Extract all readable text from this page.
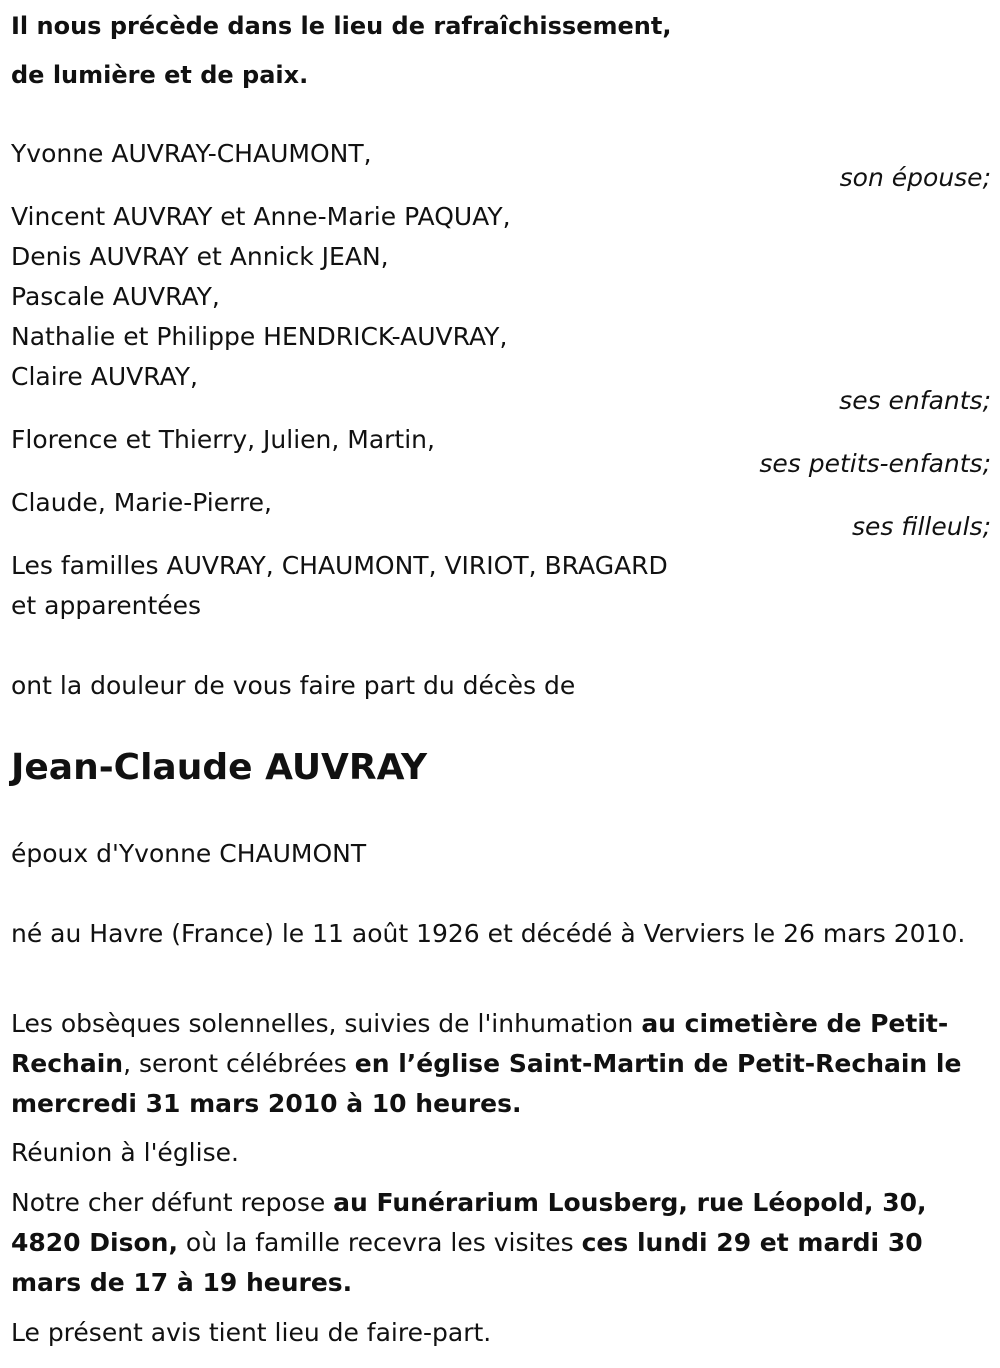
Il nous précède dans le lieu de rafraîchissement,
de lumière et de paix.
Yvonne AUVRAY-CHAUMONT,
son épouse;
Vincent AUVRAY et Anne-Marie PAQUAY,
Denis AUVRAY et Annick JEAN,
Pascale AUVRAY,
Nathalie et Philippe HENDRICK-AUVRAY,
Claire AUVRAY,
ses enfants;
Florence et Thierry, Julien, Martin,
ses petits-enfants;
Claude, Marie-Pierre,
ses filleuls;
Les familles AUVRAY, CHAUMONT, VIRIOT, BRAGARD
et apparentées
ont la douleur de vous faire part du décès de
Jean-Claude AUVRAY
époux d'Yvonne CHAUMONT
né au Havre (France) le 11 août 1926 et décédé à Verviers le 26 mars 2010.
Les obsèques solennelles, suivies de l'inhumation au cimetière de Petit-Rechain, seront célébrées en l’église Saint-Martin de Petit-Rechain le mercredi 31 mars 2010 à 10 heures.
Réunion à l'église.
Notre cher défunt repose au Funérarium Lousberg, rue Léopold, 30, 4820 Dison, où la famille recevra les visites ces lundi 29 et mardi 30 mars de 17 à 19 heures.
Le présent avis tient lieu de faire-part.
